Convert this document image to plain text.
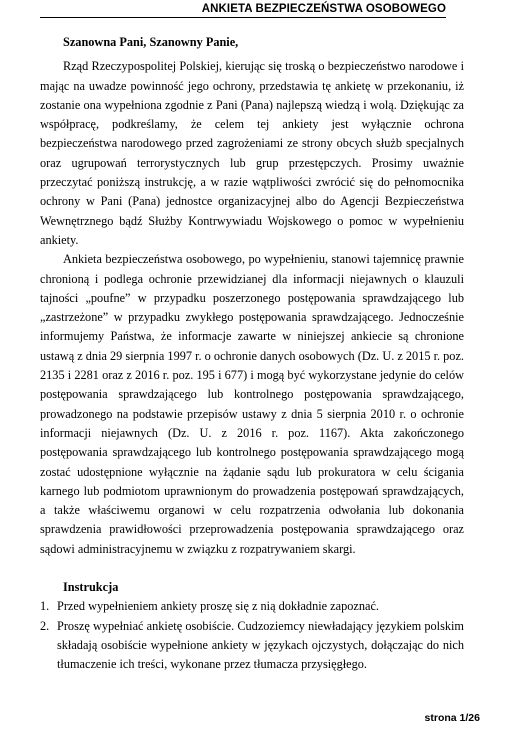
ANKIETA BEZPIECZEŃSTWA OSOBOWEGO

Szanowna Pani, Szanowny Panie,

Rząd Rzeczypospolitej Polskiej, kierując się troską o bezpieczeństwo narodowe i mając na uwadze powinność jego ochrony, przedstawia tę ankietę w przekonaniu, iż zostanie ona wypełniona zgodnie z Pani (Pana) najlepszą wiedzą i wolą. Dziękując za współpracę, podkreślamy, że celem tej ankiety jest wyłącznie ochrona bezpieczeństwa narodowego przed zagrożeniami ze strony obcych służb specjalnych oraz ugrupowań terrorystycznych lub grup przestępczych. Prosimy uważnie przeczytać poniższą instrukcję, a w razie wątpliwości zwrócić się do pełnomocnika ochrony w Pani (Pana) jednostce organizacyjnej albo do Agencji Bezpieczeństwa Wewnętrznego bądź Służby Kontrwywiadu Wojskowego o pomoc w wypełnieniu ankiety.

Ankieta bezpieczeństwa osobowego, po wypełnieniu, stanowi tajemnicę prawnie chronioną i podlega ochronie przewidzianej dla informacji niejawnych o klauzuli tajności „poufne” w przypadku poszerzonego postępowania sprawdzającego lub „zastrzeżone” w przypadku zwykłego postępowania sprawdzającego. Jednocześnie informujemy Państwa, że informacje zawarte w niniejszej ankiecie są chronione ustawą z dnia 29 sierpnia 1997 r. o ochronie danych osobowych (Dz. U. z 2015 r. poz. 2135 i 2281 oraz z 2016 r. poz. 195 i 677) i mogą być wykorzystane jedynie do celów postępowania sprawdzającego lub kontrolnego postępowania sprawdzającego, prowadzonego na podstawie przepisów ustawy z dnia 5 sierpnia 2010 r. o ochronie informacji niejawnych (Dz. U. z 2016 r. poz. 1167). Akta zakończonego postępowania sprawdzającego lub kontrolnego postępowania sprawdzającego mogą zostać udostępnione wyłącznie na żądanie sądu lub prokuratora w celu ścigania karnego lub podmiotom uprawnionym do prowadzenia postępowań sprawdzających, a także właściwemu organowi w celu rozpatrzenia odwołania lub dokonania sprawdzenia prawidłowości przeprowadzenia postępowania sprawdzającego oraz sądowi administracyjnemu w związku z rozpatrywaniem skargi.

Instrukcja

1. Przed wypełnieniem ankiety proszę się z nią dokładnie zapoznać.
2. Proszę wypełniać ankietę osobiście. Cudzoziemcy niewładający językiem polskim składają osobiście wypełnione ankiety w językach ojczystych, dołączając do nich tłumaczenie ich treści, wykonane przez tłumacza przysięgłego.
strona 1/26
